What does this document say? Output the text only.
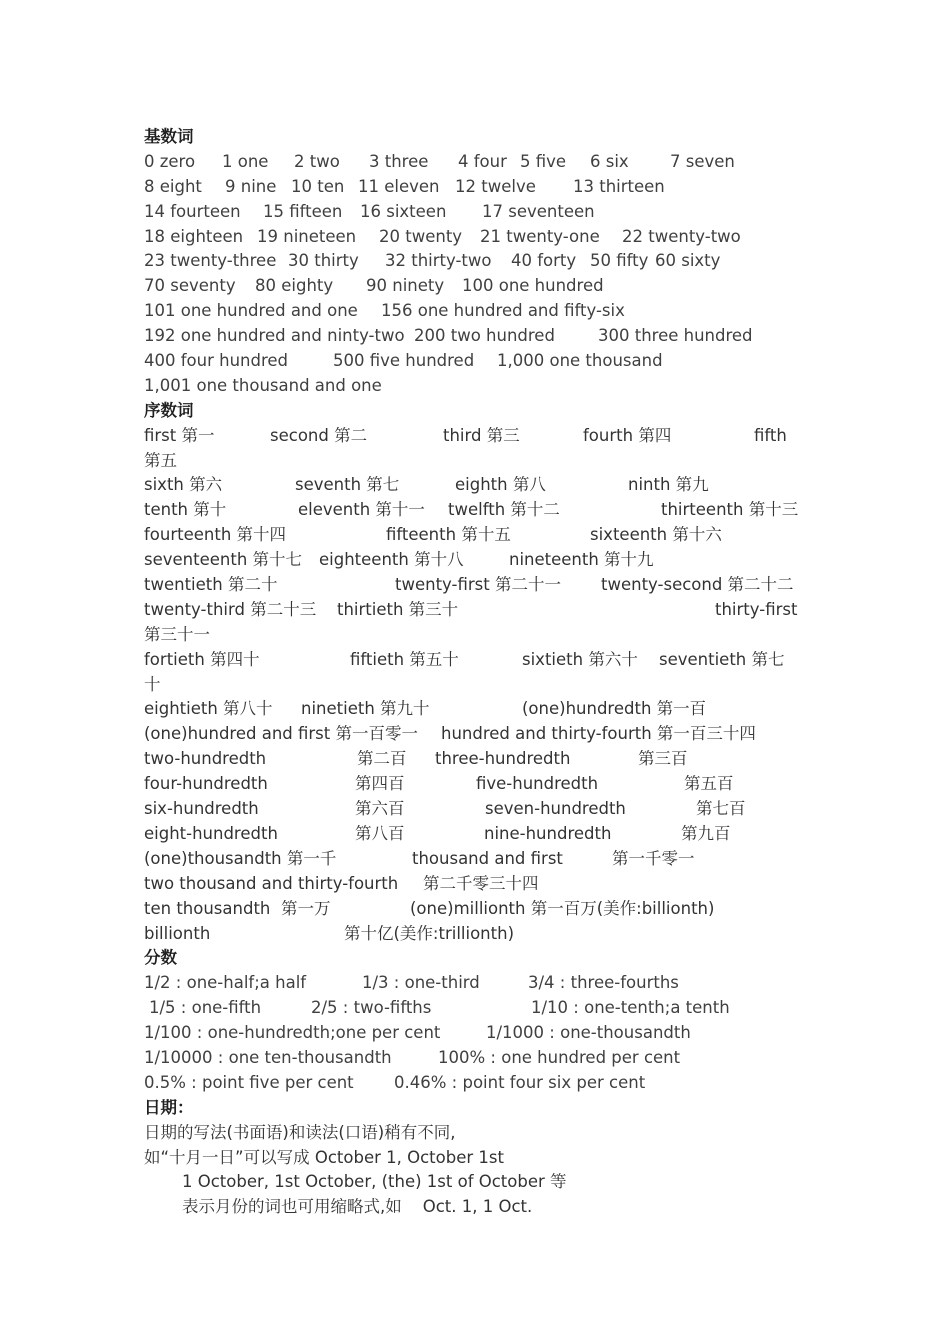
基数词
0 zero 1 one 2 two 3 three 4 four 5 five 6 six	7 seven
8 eight 9 nine 10 ten 11 eleven 12 twelve 13 thirteen
14 fourteen 15 fifteen 16 sixteen 17 seventeen
18 eighteen 19 nineteen 20 twenty 21 twenty-one 22 twenty-two
23 twenty-three 30 thirty 32 thirty-two 40 forty 50 fifty 60 sixty
70 seventy 80 eighty 90 ninety 100 one hundred
101 one hundred and one 156 one hundred and fifty-six
192 one hundred and ninty-two 200 two hundred	300 three hundred
400 four hundred	500 five hundred 1,000 one thousand
1,001 one thousand and one
序数词
first 第一	second 第二	third 第三	fourth 第四	fifth
第五
sixth 第六	seventh 第七	eighth 第八	ninth 第九
tenth 第十	eleventh 第十一 twelfth 第十二	thirteenth 第十三
fourteenth 第十四	fifteenth 第十五	sixteenth 第十六
seventeenth 第十七 eighteenth 第十八	nineteenth 第十九
twentieth 第二十	twenty-first 第二十一 twenty-second 第二十二
twenty-third 第二十三 thirtieth 第三十	thirty-first
第三十一
fortieth 第四十	fiftieth 第五十	sixtieth 第六十 seventieth 第七
十
eightieth 第八十 ninetieth 第九十	(one)hundredth 第一百
(one)hundred and first 第一百零一 hundred and thirty-fourth 第一百三十四
two-hundredth	第二百 three-hundredth	第三百
four-hundredth	第四百	five-hundredth	第五百
six-hundredth	第六百	seven-hundredth	第七百
eight-hundredth	第八百	nine-hundredth	第九百
(one)thousandth 第一千	thousand and first	第一千零一
two thousand and thirty-fourth 第二千零三十四
ten thousandth 第一万	(one)millionth 第一百万(美作:billionth)
billionth	第十亿(美作:trillionth)
分数
1/2 : one-half;a half	1/3 : one-third	3/4 : three-fourths
1/5 : one-fifth	2/5 : two-fifths	1/10 : one-tenth;a tenth
1/100 : one-hundredth;one per cent	1/1000 : one-thousandth
1/10000 : one ten-thousandth	100% : one hundred per cent
0.5% : point five per cent 0.46% : point four six per cent
日期：
日期的写法(书面语)和读法(口语)稍有不同,
如“十月一日”可以写成 October 1, October 1st
1 October, 1st October, (the) 1st of October 等
表示月份的词也可用缩略式,如    Oct. 1, 1 Oct.
